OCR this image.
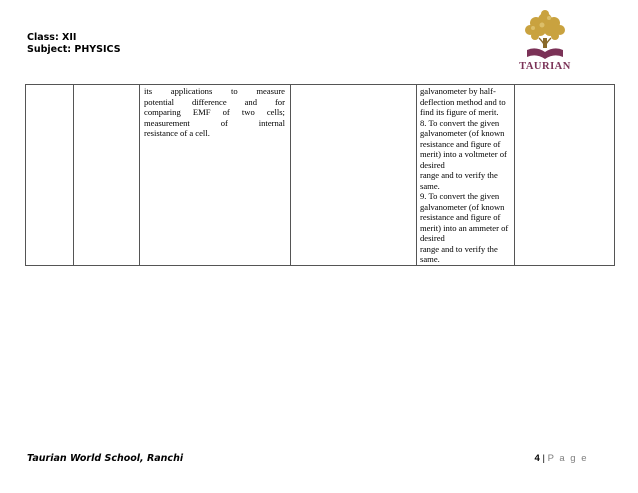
Class: XII
Subject: PHYSICS
TAURIAN

its applications to measure
potential difference and for
comparing EMF of two cells;
measurement	of	internal
resistance of a cell.

galvanometer by half-
deflection method and to
find its figure of merit.
8. To convert the given
galvanometer (of known
resistance and figure of
merit) into a voltmeter of
desired
range and to verify the
same.
9. To convert the given
galvanometer (of known
resistance and figure of
merit) into an ammeter of
desired
range and to verify the
same.

Taurian World School, Ranchi	4 | P a g e
